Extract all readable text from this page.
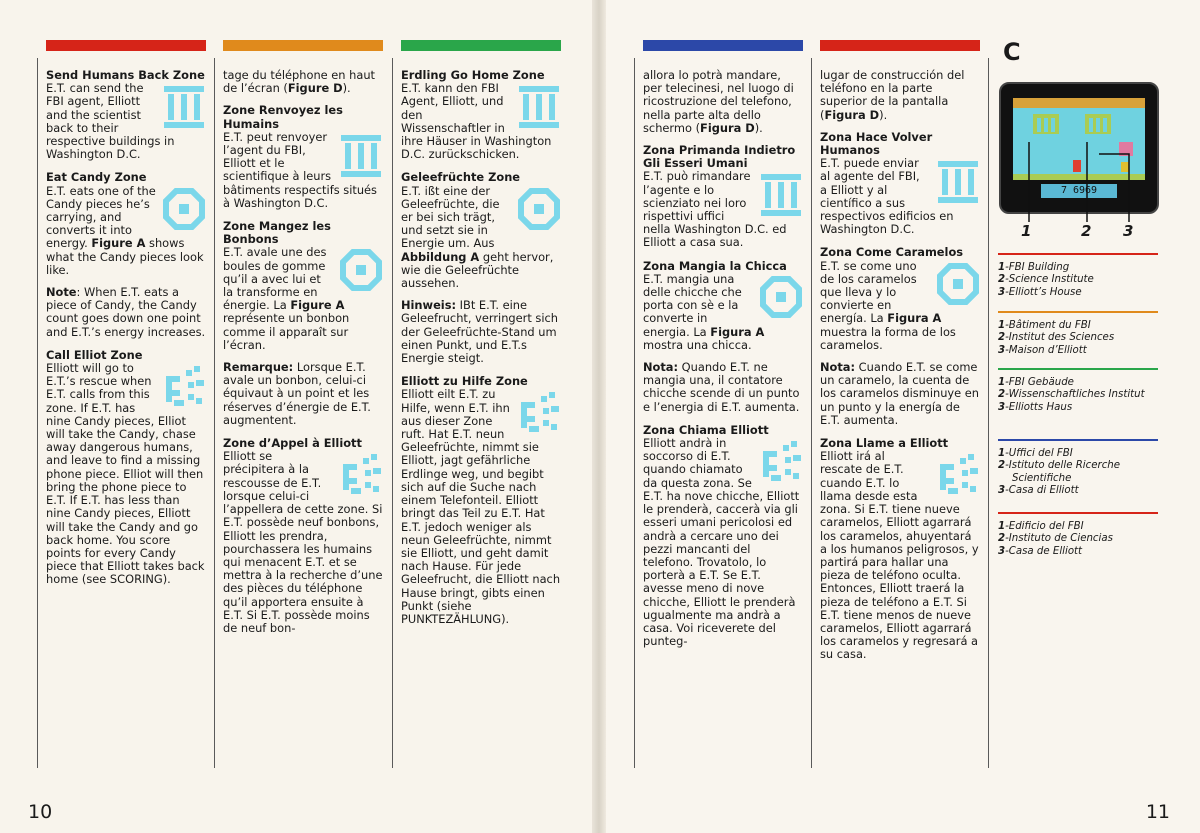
Send Humans Back Zone

E.T. can send the FBI agent, Elliott and the scientist back to their respective buildings in Washington D.C.

Eat Candy Zone

E.T. eats one of the Candy pieces he’s carrying, and converts it into energy. Figure A shows what the Candy pieces look like.

Note: When E.T. eats a piece of Candy, the Candy count goes down one point and E.T.’s energy increases.

Call Elliot Zone

Elliott will go to E.T.’s rescue when E.T. calls from this zone. If E.T. has nine Candy pieces, Elliot will take the Candy, chase away dangerous humans, and leave to find a missing phone piece. Elliot will then bring the phone piece to E.T. If E.T. has less than nine Candy pieces, Elliott will take the Candy and go back home. You score points for every Candy piece that Elliott takes back home (see SCORING).

tage du téléphone en haut de l’écran (Figure D).

Zone Renvoyez les Humains

E.T. peut renvoyer l’agent du FBI, Elliott et le scientifique à leurs bâtiments respectifs situés à Washington D.C.

Zone Mangez les Bonbons

E.T. avale une des boules de gomme qu’il a avec lui et la transforme en énergie. La Figure A représente un bonbon comme il apparaît sur l’écran.

Remarque: Lorsque E.T. avale un bonbon, celui-ci équivaut à un point et les réserves d’énergie de E.T. augmentent.

Zone d’Appel à Elliott

Elliott se précipitera à la rescousse de E.T. lorsque celui-ci l’appellera de cette zone. Si E.T. possède neuf bonbons, Elliott les prendra, pourchassera les humains qui menacent E.T. et se mettra à la recherche d’une des pièces du téléphone qu’il apportera ensuite à E.T. Si E.T. possède moins de neuf bon-

Erdling Go Home Zone

E.T. kann den FBI Agent, Elliott, und den Wissenschaftler in ihre Häuser in Washington D.C. zurückschicken.

Geleefrüchte Zone

E.T. ißt eine der Geleefrüchte, die er bei sich trägt, und setzt sie in Energie um. Aus Abbildung A geht hervor, wie die Geleefrüchte aussehen.

Hinweis: IBt E.T. eine Geleefrucht, verringert sich der Geleefrüchte-Stand um einen Punkt, und E.T.s Energie steigt.

Elliott zu Hilfe Zone

Elliott eilt E.T. zu Hilfe, wenn E.T. ihn aus dieser Zone ruft. Hat E.T. neun Geleefrüchte, nimmt sie Elliott, jagt gefährliche Erdlinge weg, und begibt sich auf die Suche nach einem Telefonteil. Elliott bringt das Teil zu E.T. Hat E.T. jedoch weniger als neun Geleefrüchte, nimmt sie Elliott, und geht damit nach Hause. Für jede Geleefrucht, die Elliott nach Hause bringt, gibts einen Punkt (siehe PUNKTEZÄHLUNG).

allora lo potrà mandare, per telecinesi, nel luogo di ricostruzione del telefono, nella parte alta dello schermo (Figura D).

Zona Primanda Indietro Gli Esseri Umani

E.T. può rimandare l’agente e lo scienziato nei loro rispettivi uffici nella Washington D.C. ed Elliott a casa sua.

Zona Mangia la Chicca

E.T. mangia una delle chicche che porta con sè e la converte in energia. La Figura A mostra una chicca.

Nota: Quando E.T. ne mangia una, il contatore chicche scende di un punto e l’energia di E.T. aumenta.

Zona Chiama Elliott

Elliott andrà in soccorso di E.T. quando chiamato da questa zona. Se E.T. ha nove chicche, Elliott le prenderà, caccerà via gli esseri umani pericolosi ed andrà a cercare uno dei pezzi mancanti del telefono. Trovatolo, lo porterà a E.T. Se E.T. avesse meno di nove chicche, Elliott le prenderà ugualmente ma andrà a casa. Voi riceverete del punteg-

lugar de construcción del teléfono en la parte superior de la pantalla (Figura D).

Zona Hace Volver Humanos

E.T. puede enviar al agente del FBI, a Elliott y al científico a sus respectivos edificios en Washington D.C.

Zona Come Caramelos

E.T. se come uno de los caramelos que lleva y lo convierte en energía. La Figura A muestra la forma de los caramelos.

Nota: Cuando E.T. se come un caramelo, la cuenta de los caramelos disminuye en un punto y la energía de E.T. aumenta.

Zona Llame a Elliott

Elliott irá al rescate de E.T. cuando E.T. lo llama desde esta zona. Si E.T. tiene nueve caramelos, Elliott agarrará los caramelos, ahuyentará a los humanos peligrosos, y partirá para hallar una pieza de teléfono oculta. Entonces, Elliott traerá la pieza de teléfono a E.T. Si E.T. tiene menos de nueve caramelos, Elliott agarrará los caramelos y regresará a su casa.

C
7 6969
1	2 3
1-FBI Building
2-Science Institute
3-Elliott’s House
1-Bâtiment du FBI
2-Institut des Sciences
3-Maison d’Elliott
1-FBI Gebäude
2-Wissenschaftliches Institut
3-Elliotts Haus
1-Uffici del FBI
2-Istituto delle Ricerche Scientifiche
3-Casa di Elliott
1-Edificio del FBI
2-Instituto de Ciencias
3-Casa de Elliott
10	11
